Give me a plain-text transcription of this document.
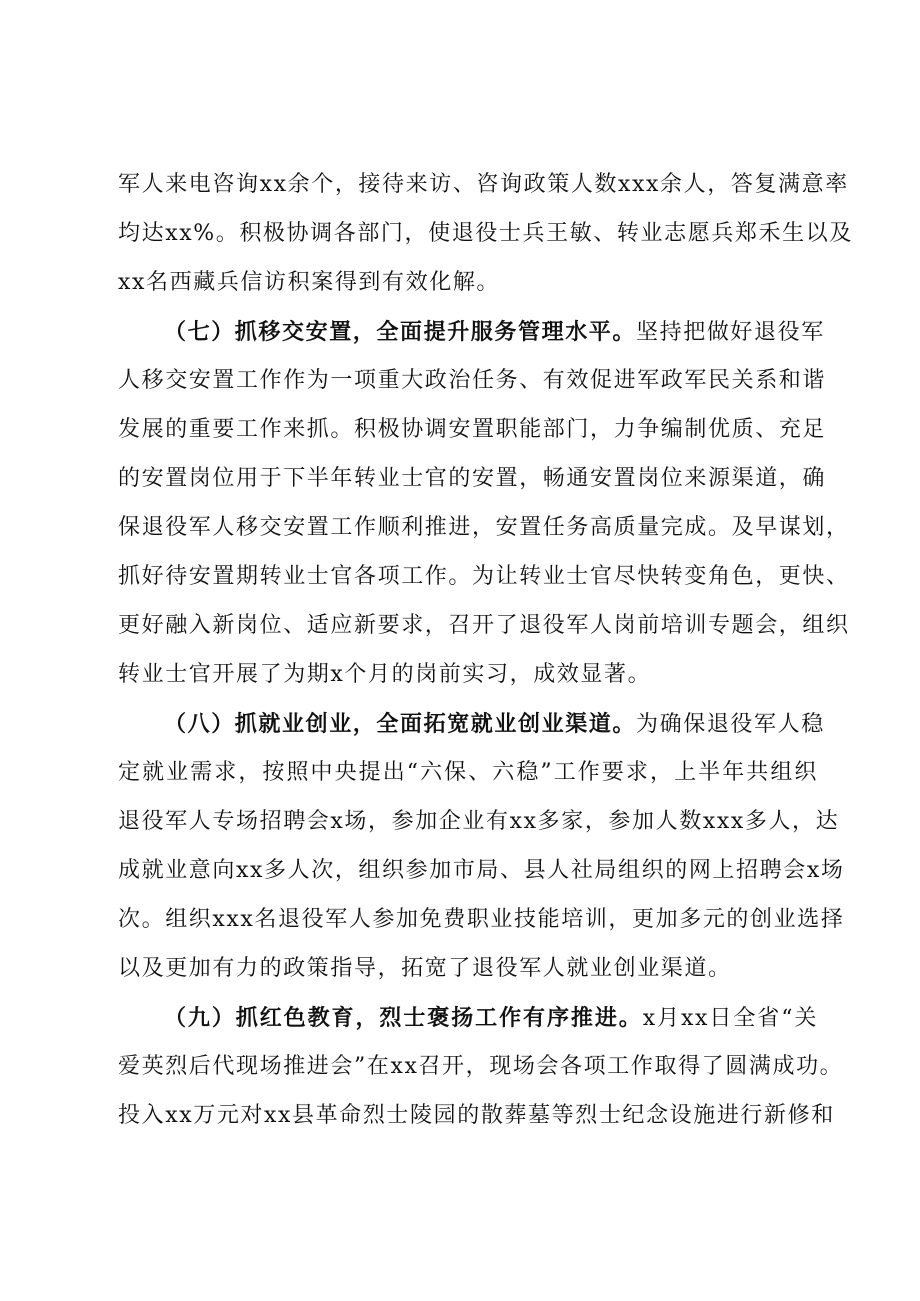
军人来电咨询xx余个，接待来访、咨询政策人数xxx余人，答复满意率
均达xx%。积极协调各部门，使退役士兵王敏、转业志愿兵郑禾生以及
xx名西藏兵信访积案得到有效化解。
（七）抓移交安置，全面提升服务管理水平。坚持把做好退役军
人移交安置工作作为一项重大政治任务、有效促进军政军民关系和谐
发展的重要工作来抓。积极协调安置职能部门，力争编制优质、充足
的安置岗位用于下半年转业士官的安置，畅通安置岗位来源渠道，确
保退役军人移交安置工作顺利推进，安置任务高质量完成。及早谋划，
抓好待安置期转业士官各项工作。为让转业士官尽快转变角色，更快、
更好融入新岗位、适应新要求，召开了退役军人岗前培训专题会，组织
转业士官开展了为期x个月的岗前实习，成效显著。
（八）抓就业创业，全面拓宽就业创业渠道。为确保退役军人稳
定就业需求，按照中央提出“六保、六稳”工作要求，上半年共组织
退役军人专场招聘会x场，参加企业有xx多家，参加人数xxx多人，达
成就业意向xx多人次，组织参加市局、县人社局组织的网上招聘会x场
次。组织xxx名退役军人参加免费职业技能培训，更加多元的创业选择
以及更加有力的政策指导，拓宽了退役军人就业创业渠道。
（九）抓红色教育，烈士褒扬工作有序推进。x月xx日全省“关
爱英烈后代现场推进会”在xx召开，现场会各项工作取得了圆满成功。
投入xx万元对xx县革命烈士陵园的散葬墓等烈士纪念设施进行新修和
